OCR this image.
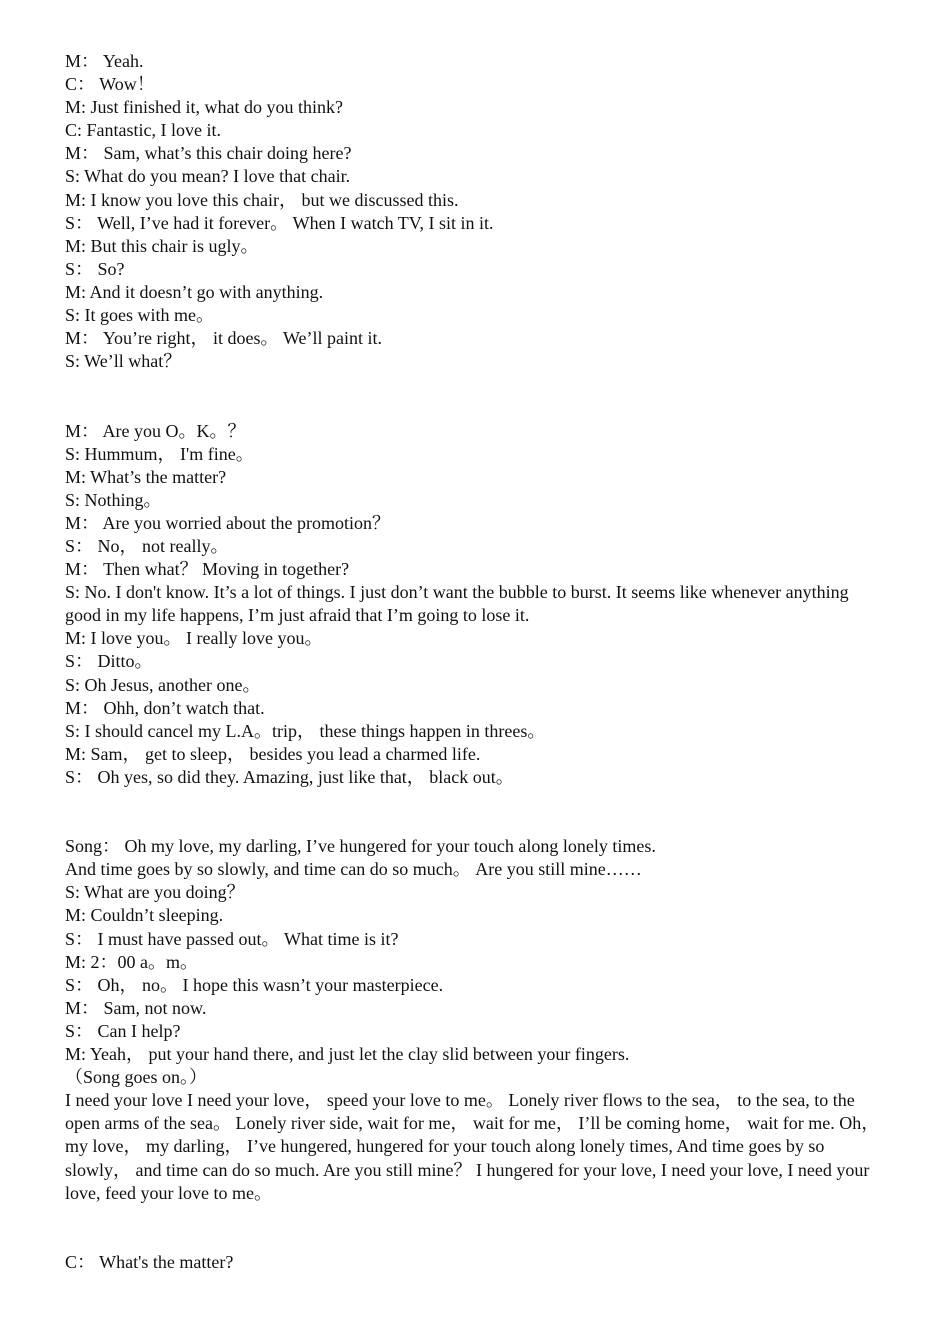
M： Yeah.
C： Wow！
M: Just finished it, what do you think?
C: Fantastic, I love it.
M： Sam, what’s this chair doing here?
S: What do you mean? I love that chair.
M: I know you love this chair， but we discussed this.
S： Well, I’ve had it forever。 When I watch TV, I sit in it.
M: But this chair is ugly。
S： So?
M: And it doesn’t go with anything.
S: It goes with me。
M： You’re right， it does。 We’ll paint it.
S: We’ll what？
M： Are you O。K。？
S: Hummum， I'm fine。
M: What’s the matter?
S: Nothing。
M： Are you worried about the promotion？
S： No， not really。
M： Then what？ Moving in together?
S: No. I don't know. It’s a lot of things. I just don’t want the bubble to burst. It seems like whenever anything good in my life happens, I’m just afraid that I’m going to lose it.
M: I love you。 I really love you。
S： Ditto。
S: Oh Jesus, another one。
M： Ohh, don’t watch that.
S: I should cancel my L.A。trip， these things happen in threes。
M: Sam， get to sleep， besides you lead a charmed life.
S： Oh yes, so did they. Amazing, just like that， black out。
Song： Oh my love, my darling, I’ve hungered for your touch along lonely times.
And time goes by so slowly, and time can do so much。 Are you still mine……
S: What are you doing？
M: Couldn’t sleeping.
S： I must have passed out。 What time is it?
M: 2：00 a。m。
S： Oh， no。 I hope this wasn’t your masterpiece.
M： Sam, not now.
S： Can I help?
M: Yeah， put your hand there, and just let the clay slid between your fingers.
（Song goes on。）
I need your love I need your love， speed your love to me。 Lonely river flows to the sea， to the sea, to the open arms of the sea。 Lonely river side, wait for me， wait for me， I’ll be coming home， wait for me. Oh， my love， my darling， I’ve hungered, hungered for your touch along lonely times, And time goes by so slowly， and time can do so much. Are you still mine？ I hungered for your love, I need your love, I need your love, feed your love to me。
C： What's the matter?
